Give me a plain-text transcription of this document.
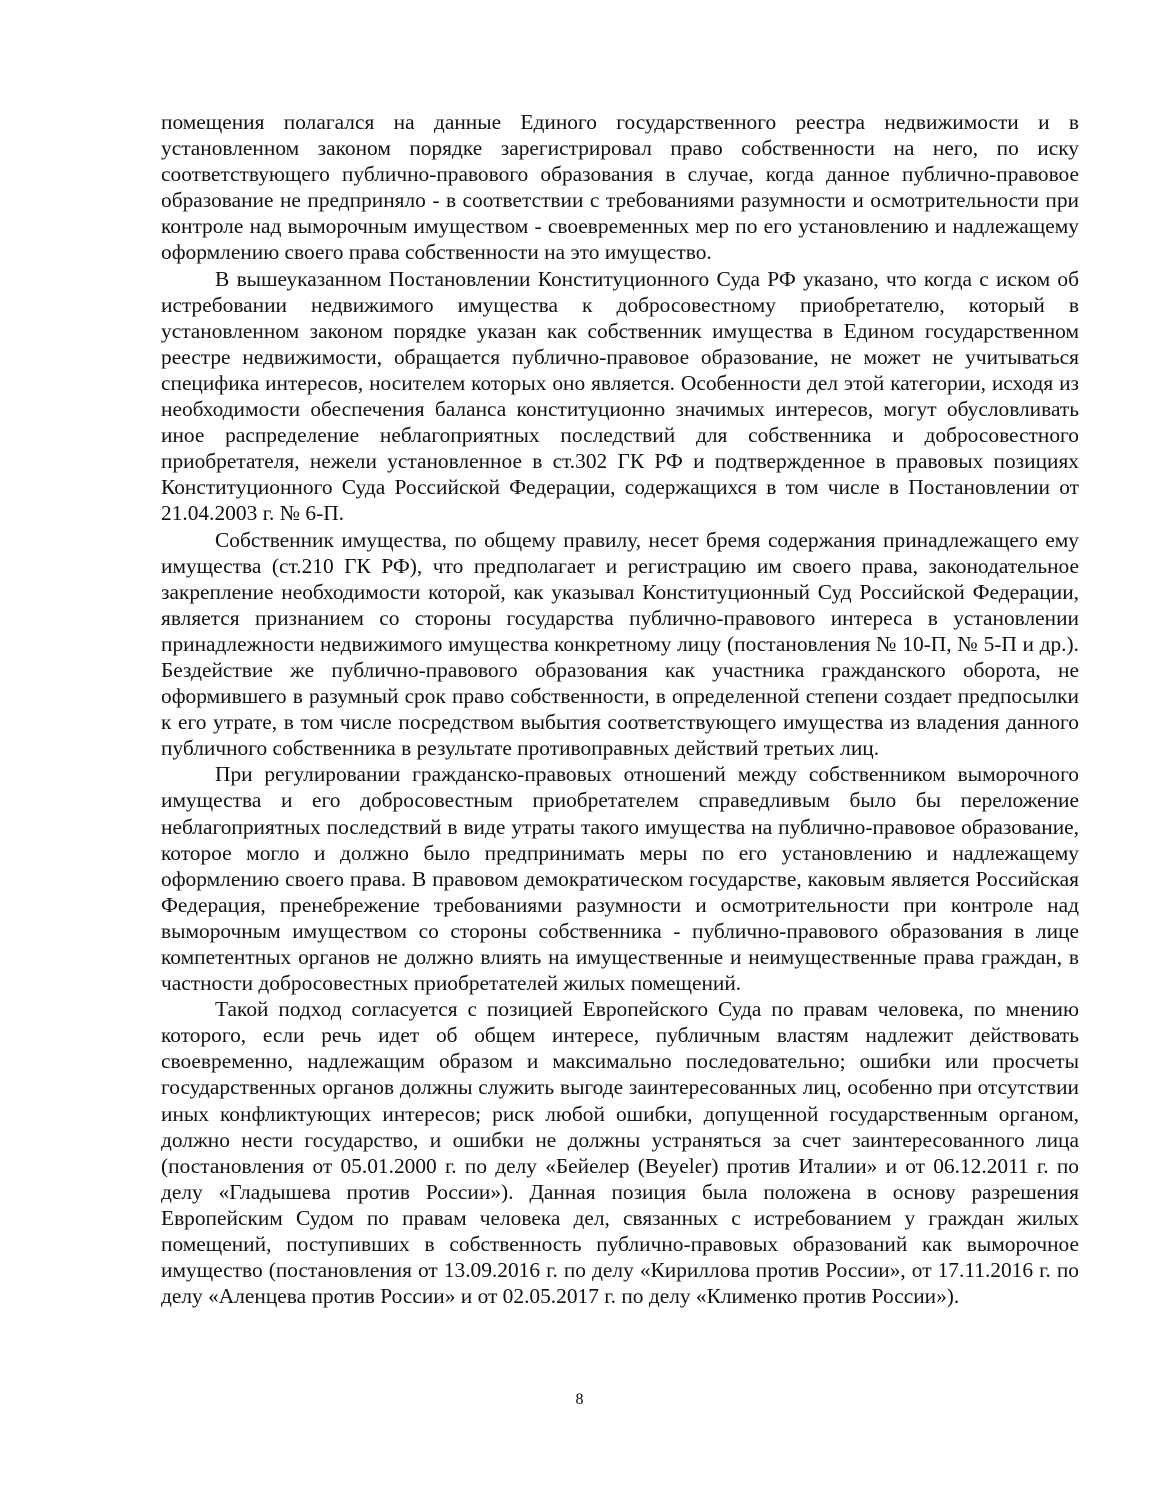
помещения полагался на данные Единого государственного реестра недвижимости и в установленном законом порядке зарегистрировал право собственности на него, по иску соответствующего публично-правового образования в случае, когда данное публично-правовое образование не предприняло - в соответствии с требованиями разумности и осмотрительности при контроле над выморочным имуществом - своевременных мер по его установлению и надлежащему оформлению своего права собственности на это имущество.

В вышеуказанном Постановлении Конституционного Суда РФ указано, что когда с иском об истребовании недвижимого имущества к добросовестному приобретателю, который в установленном законом порядке указан как собственник имущества в Едином государственном реестре недвижимости, обращается публично-правовое образование, не может не учитываться специфика интересов, носителем которых оно является. Особенности дел этой категории, исходя из необходимости обеспечения баланса конституционно значимых интересов, могут обусловливать иное распределение неблагоприятных последствий для собственника и добросовестного приобретателя, нежели установленное в ст.302 ГК РФ и подтвержденное в правовых позициях Конституционного Суда Российской Федерации, содержащихся в том числе в Постановлении от 21.04.2003 г. № 6-П.

Собственник имущества, по общему правилу, несет бремя содержания принадлежащего ему имущества (ст.210 ГК РФ), что предполагает и регистрацию им своего права, законодательное закрепление необходимости которой, как указывал Конституционный Суд Российской Федерации, является признанием со стороны государства публично-правового интереса в установлении принадлежности недвижимого имущества конкретному лицу (постановления № 10-П, № 5-П и др.). Бездействие же публично-правового образования как участника гражданского оборота, не оформившего в разумный срок право собственности, в определенной степени создает предпосылки к его утрате, в том числе посредством выбытия соответствующего имущества из владения данного публичного собственника в результате противоправных действий третьих лиц.

При регулировании гражданско-правовых отношений между собственником выморочного имущества и его добросовестным приобретателем справедливым было бы переложение неблагоприятных последствий в виде утраты такого имущества на публично-правовое образование, которое могло и должно было предпринимать меры по его установлению и надлежащему оформлению своего права. В правовом демократическом государстве, каковым является Российская Федерация, пренебрежение требованиями разумности и осмотрительности при контроле над выморочным имуществом со стороны собственника - публично-правового образования в лице компетентных органов не должно влиять на имущественные и неимущественные права граждан, в частности добросовестных приобретателей жилых помещений.

Такой подход согласуется с позицией Европейского Суда по правам человека, по мнению которого, если речь идет об общем интересе, публичным властям надлежит действовать своевременно, надлежащим образом и максимально последовательно; ошибки или просчеты государственных органов должны служить выгоде заинтересованных лиц, особенно при отсутствии иных конфликтующих интересов; риск любой ошибки, допущенной государственным органом, должно нести государство, и ошибки не должны устраняться за счет заинтересованного лица (постановления от 05.01.2000 г. по делу «Бейелер (Beyeler) против Италии» и от 06.12.2011 г. по делу «Гладышева против России»). Данная позиция была положена в основу разрешения Европейским Судом по правам человека дел, связанных с истребованием у граждан жилых помещений, поступивших в собственность публично-правовых образований как выморочное имущество (постановления от 13.09.2016 г. по делу «Кириллова против России», от 17.11.2016 г. по делу «Аленцева против России» и от 02.05.2017 г. по делу «Клименко против России»).

8
